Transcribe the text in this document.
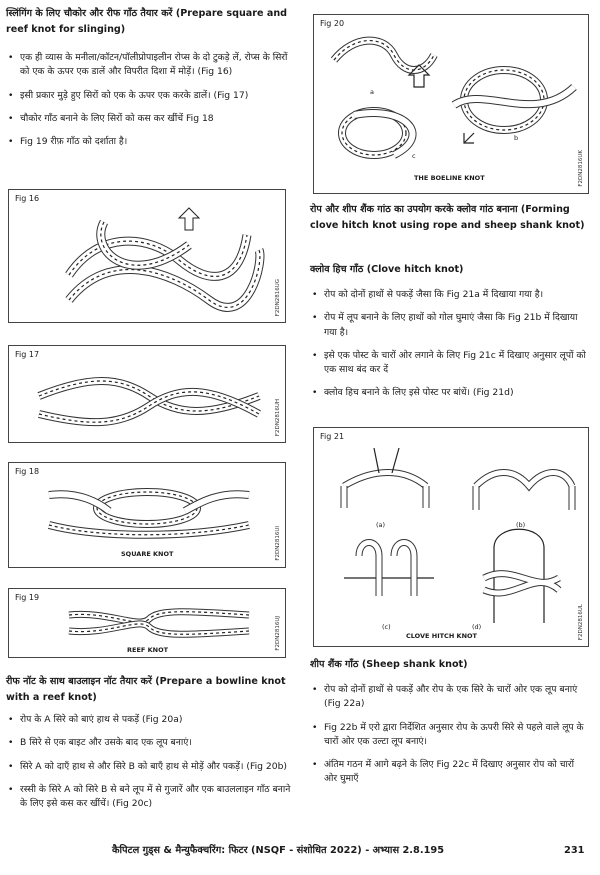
स्लिंगिंग के लिए चौकोर और रीफ गाँठ तैयार करें (Prepare square and reef knot for slinging)
• एक ही व्यास के मनीला/कॉटन/पॉलीप्रोपाइलीन रोप्स के दो टुकड़े लें, रोप्स के सिरों को एक के ऊपर एक डालें और विपरीत दिशा में मोड़ें। (Fig 16)
• इसी प्रकार मुड़े हुए सिरों को एक के ऊपर एक करके डालें। (Fig 17)
• चौकोर गाँठ बनाने के लिए सिरों को कस कर खींचें Fig 18
• Fig 19 रीफ़ गाँठ को दर्शाता है।
Fig 16
F2DN2816UG
Fig 17
F2DN2816UH
Fig 18
SQUARE KNOT	F2DN2816UI
Fig 19
REEF KNOT	F2DN2816UJ
रीफ नॉट के साथ बाउलाइन नॉट तैयार करें (Prepare a bowline knot with a reef knot)
• रोप के A सिरे को बाएं हाथ से पकड़ें (Fig 20a)
• B सिरे से एक बाइट और उसके बाद एक लूप बनाएं।
• सिरे A को दाएँ हाथ से और सिरे B को बाएँ हाथ से मोड़ें और पकड़ें। (Fig 20b)
• रस्सी के सिरे A को सिरे B से बने लूप में से गुजारें और एक बाउललाइन गाँठ बनाने के लिए इसे कस कर खींचें। (Fig 20c)
Fig 20
a
b
c
THE BOELINE KNOT	F2DN2816UK
रोप और शीप शैंक गांठ का उपयोग करके क्लोव गांठ बनाना (Forming clove hitch knot using rope and sheep shank knot)
क्लोव हिच गाँठ (Clove hitch knot)
• रोप को दोनों हाथों से पकड़ें जैसा कि Fig 21a में दिखाया गया है।
• रोप में लूप बनाने के लिए हाथों को गोल घुमाएं जैसा कि Fig 21b में दिखाया गया है।
• इसे एक पोस्ट के चारों ओर लगाने के लिए Fig 21c में दिखाए अनुसार लूपों को एक साथ बंद कर दें
• क्लोव हिच बनाने के लिए इसे पोस्ट पर बांधें। (Fig 21d)
Fig 21
(a)	(b)
(c)	(d)
CLOVE HITCH KNOT	F2DN2816UL
शीप शैंक गाँठ (Sheep shank knot)
• रोप को दोनों हाथों से पकड़ें और रोप के एक सिरे के चारों ओर एक लूप बनाएं (Fig 22a)
• Fig 22b में एरो द्वारा निर्देशित अनुसार रोप के ऊपरी सिरे से पहले वाले लूप के चारों ओर एक उल्टा लूप बनाएं।
• अंतिम गठन में आगे बढ़ने के लिए Fig 22c में दिखाए अनुसार रोप को चारों ओर घुमाएँ
कैपिटल गुड्स & मैन्युफैक्चरिंग: फिटर (NSQF - संशोधित 2022) - अभ्यास 2.8.195	231
